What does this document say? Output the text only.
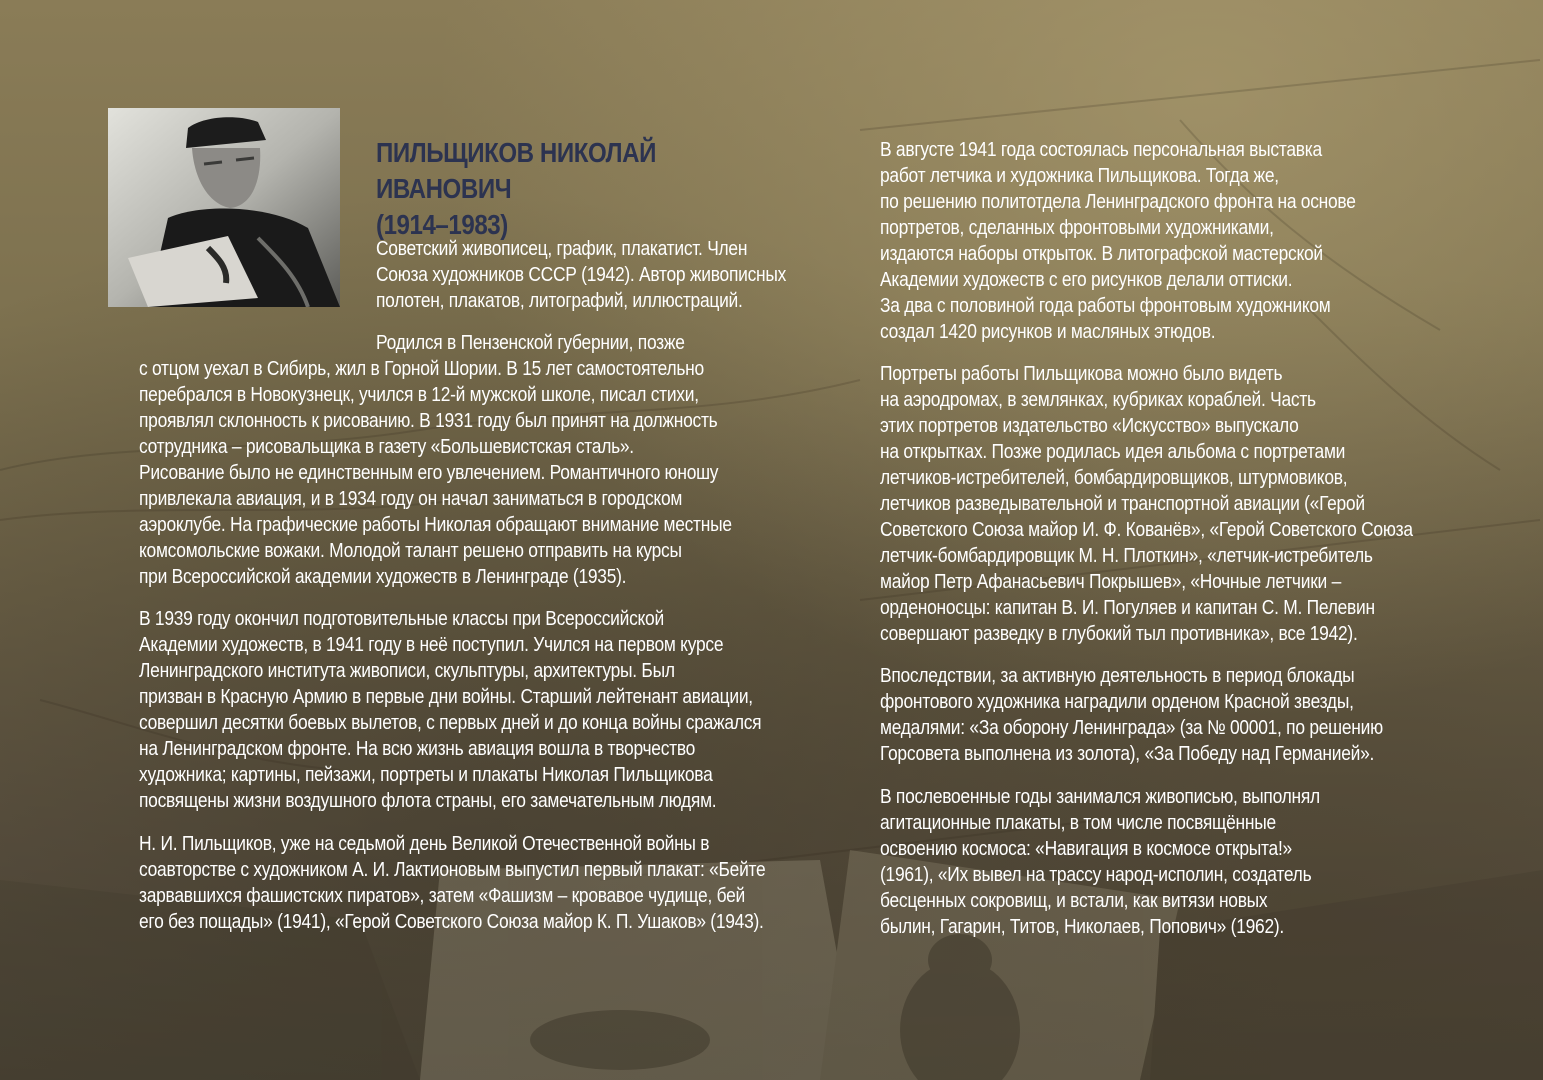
ПИЛЬЩИКОВ НИКОЛАЙ ИВАНОВИЧ
(1914–1983)
Советский живописец, график, плакатист. Член
Союза художников СССР (1942). Автор живописных
полотен, плакатов, литографий, иллюстраций.
Родился в Пензенской губернии, позже
с отцом уехал в Сибирь, жил в Горной Шории. В 15 лет самостоятельно
перебрался в Новокузнецк, учился в 12-й мужской школе, писал стихи,
проявлял склонность к рисованию. В 1931 году был принят на должность
сотрудника – рисовальщика в газету «Большевистская сталь».
Рисование было не единственным его увлечением. Романтичного юношу
привлекала авиация, и в 1934 году он начал заниматься в городском
аэроклубе. На графические работы Николая обращают внимание местные
комсомольские вожаки. Молодой талант решено отправить на курсы
при Всероссийской академии художеств в Ленинграде (1935).
В 1939 году окончил подготовительные классы при Всероссийской
Академии художеств, в 1941 году в неё поступил. Учился на первом курсе
Ленинградского института живописи, скульптуры, архитектуры. Был
призван в Красную Армию в первые дни войны. Старший лейтенант авиации,
совершил десятки боевых вылетов, с первых дней и до конца войны сражался
на Ленинградском фронте. На всю жизнь авиация вошла в творчество
художника; картины, пейзажи, портреты и плакаты Николая Пильщикова
посвящены жизни воздушного флота страны, его замечательным людям.
Н. И. Пильщиков, уже на седьмой день Великой Отечественной войны в
соавторстве с художником А. И. Лактионовым выпустил первый плакат: «Бейте
зарвавшихся фашистских пиратов», затем «Фашизм – кровавое чудище, бей
его без пощады» (1941), «Герой Советского Союза майор К. П. Ушаков» (1943).
В августе 1941 года состоялась персональная выставка
работ летчика и художника Пильщикова. Тогда же,
по решению политотдела Ленинградского фронта на основе
портретов, сделанных фронтовыми художниками,
издаются наборы открыток. В литографской мастерской
Академии художеств с его рисунков делали оттиски.
За два с половиной года работы фронтовым художником
создал 1420 рисунков и масляных этюдов.
Портреты работы Пильщикова можно было видеть
на аэродромах, в землянках, кубриках кораблей. Часть
этих портретов издательство «Искусство» выпускало
на открытках. Позже родилась идея альбома с портретами
летчиков-истребителей, бомбардировщиков, штурмовиков,
летчиков разведывательной и транспортной авиации («Герой
Советского Союза майор И. Ф. Кованёв», «Герой Советского Союза
летчик-бомбардировщик М. Н. Плоткин», «летчик-истребитель
майор Петр Афанасьевич Покрышев», «Ночные летчики –
орденоносцы: капитан В. И. Погуляев и капитан С. М. Пелевин
совершают разведку в глубокий тыл противника», все 1942).
Впоследствии, за активную деятельность в период блокады
фронтового художника наградили орденом Красной звезды,
медалями: «За оборону Ленинграда» (за № 00001, по решению
Горсовета выполнена из золота), «За Победу над Германией».
В послевоенные годы занимался живописью, выполнял
агитационные плакаты, в том числе посвящённые
освоению космоса: «Навигация в космосе открыта!»
(1961), «Их вывел на трассу народ-исполин, создатель
бесценных сокровищ, и встали, как витязи новых
былин, Гагарин, Титов, Николаев, Попович» (1962).
